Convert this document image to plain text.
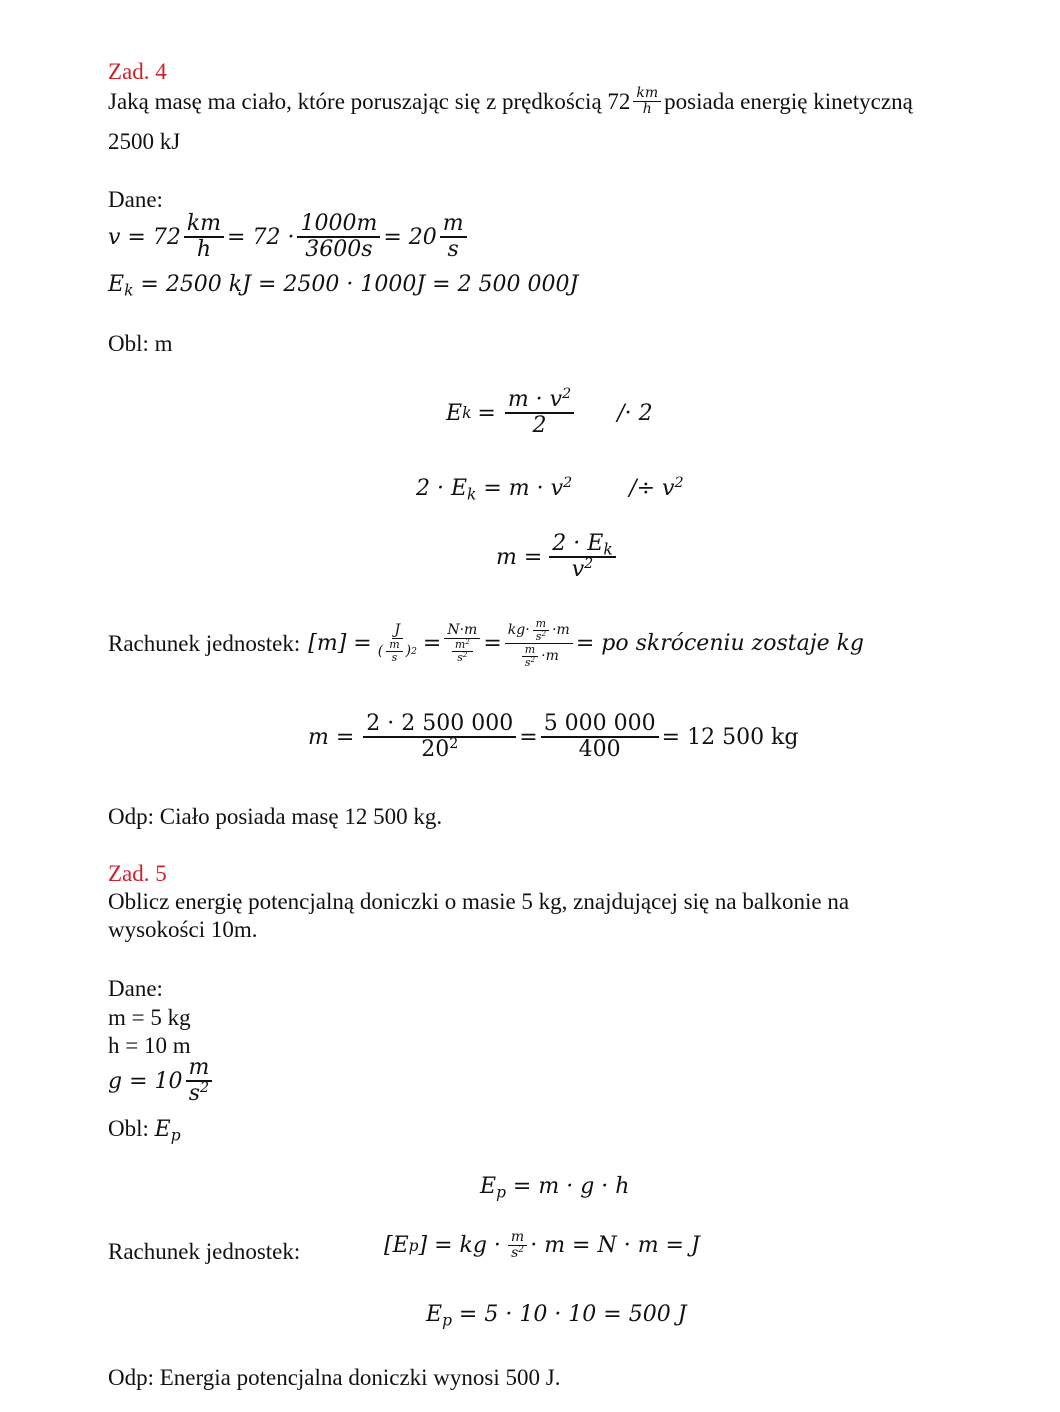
Zad. 4
Jaką masę ma ciało, które poruszając się z prędkością $72 \frac{km}{h}$ posiada energię kinetyczną
2500 kJ
Dane:
$v = 72 \frac{km}{h} = 72 \cdot \frac{1000m}{3600s} = 20 \frac{m}{s}$
$E_k = 2500$ kJ = 2500 · 1000J = 2 500 000J
Obl: m
E $k = \frac{m \cdot v^2}{2} /\cdot 2$
$2 \cdot E_k = m \cdot v^2$	/÷ $v^2$
$m = \frac{2 \cdot E_k}{v^2}$
Rachunek jednostek: $[m] = \frac{J}{( \frac{m}{s} ) 2} = \frac{N\cdot m}{\frac{m^2}{s^2}} = \frac{kg\cdot \frac{m}{s^2} \cdot m}{\frac{m}{s^2} \cdot m}$ = po skróceniu zostaje kg
$m = \frac{2 \cdot 2 500 000}{20^2} = \frac{5 000 000}{400} = 12$ 500 kg
Odp: Ciało posiada masę 12 500 kg.
Zad. 5
Oblicz energię potencjalną doniczki o masie 5 kg, znajdującej się na balkonie na
wysokości 10m.
Dane:
m = 5 kg
h = 10 m
$g = 10 \frac{m}{s^2}$
Obl: $E_p$
$E_p = m \cdot g \cdot h$
Rachunek jednostek:	[E p ] = kg · $\frac{m}{s^2} \cdot m = N \cdot m = J$
$E_p = 5 \cdot 10 \cdot 10 = 500$ J
Odp: Energia potencjalna doniczki wynosi 500 J.
